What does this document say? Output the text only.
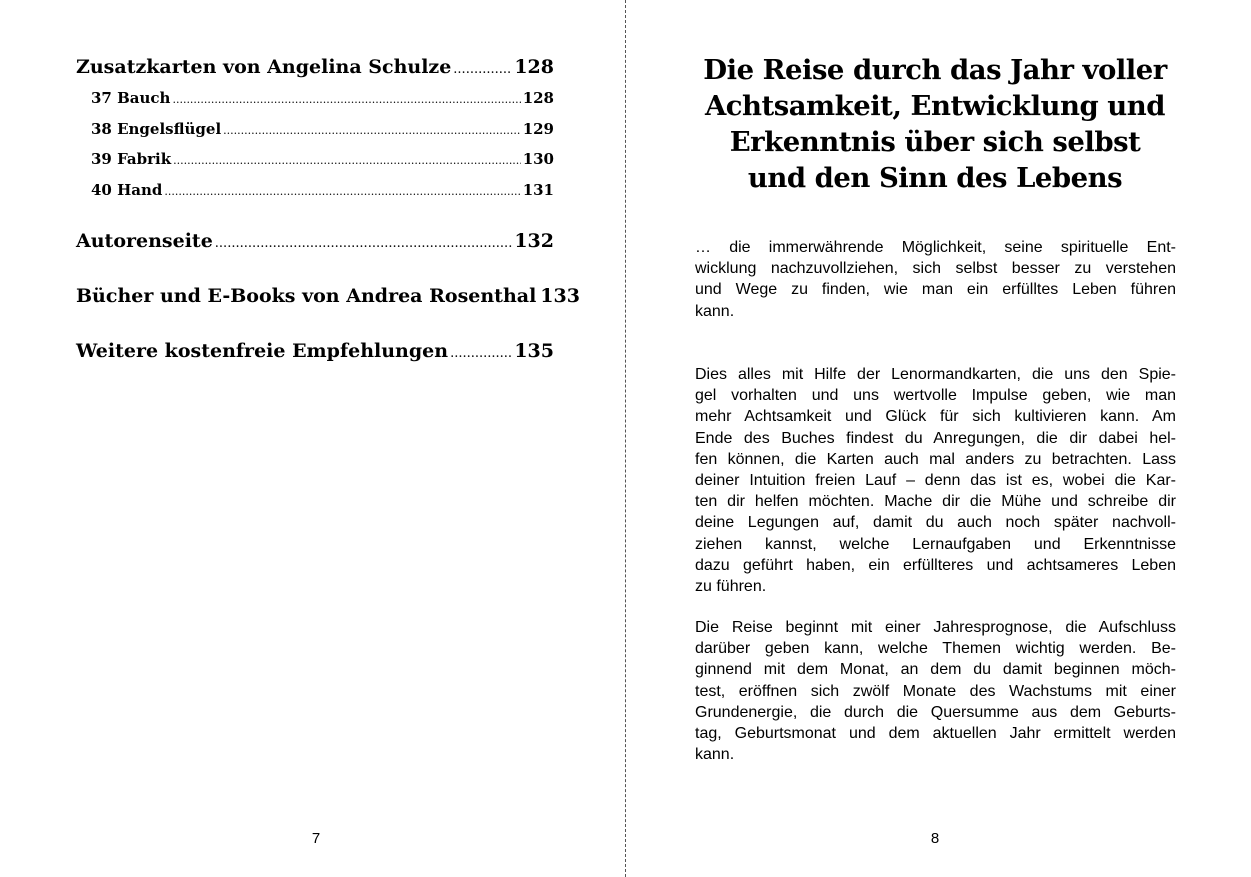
Zusatzkarten von Angelina Schulze .....	128
37 Bauch .....	128
38 Engelsflügel .....	129
39 Fabrik .....	130
40 Hand .....	131
Autorenseite .....	132
Bücher und E-Books von Andrea Rosenthal 133
Weitere kostenfreie Empfehlungen .....	135
7
Die Reise durch das Jahr voller
Achtsamkeit, Entwicklung und
Erkenntnis über sich selbst
und den Sinn des Lebens
… die immerwährende Möglichkeit, seine spirituelle Ent-
wicklung nachzuvollziehen, sich selbst besser zu verstehen
und Wege zu finden, wie man ein erfülltes Leben führen
kann.
Dies alles mit Hilfe der Lenormandkarten, die uns den Spie-
gel vorhalten und uns wertvolle Impulse geben, wie man
mehr Achtsamkeit und Glück für sich kultivieren kann. Am
Ende des Buches findest du Anregungen, die dir dabei hel-
fen können, die Karten auch mal anders zu betrachten. Lass
deiner Intuition freien Lauf – denn das ist es, wobei die Kar-
ten dir helfen möchten. Mache dir die Mühe und schreibe dir
deine Legungen auf, damit du auch noch später nachvoll-
ziehen kannst, welche Lernaufgaben und Erkenntnisse
dazu geführt haben, ein erfüllteres und achtsameres Leben
zu führen.
Die Reise beginnt mit einer Jahresprognose, die Aufschluss
darüber geben kann, welche Themen wichtig werden. Be-
ginnend mit dem Monat, an dem du damit beginnen möch-
test, eröffnen sich zwölf Monate des Wachstums mit einer
Grundenergie, die durch die Quersumme aus dem Geburts-
tag, Geburtsmonat und dem aktuellen Jahr ermittelt werden
kann.
8
